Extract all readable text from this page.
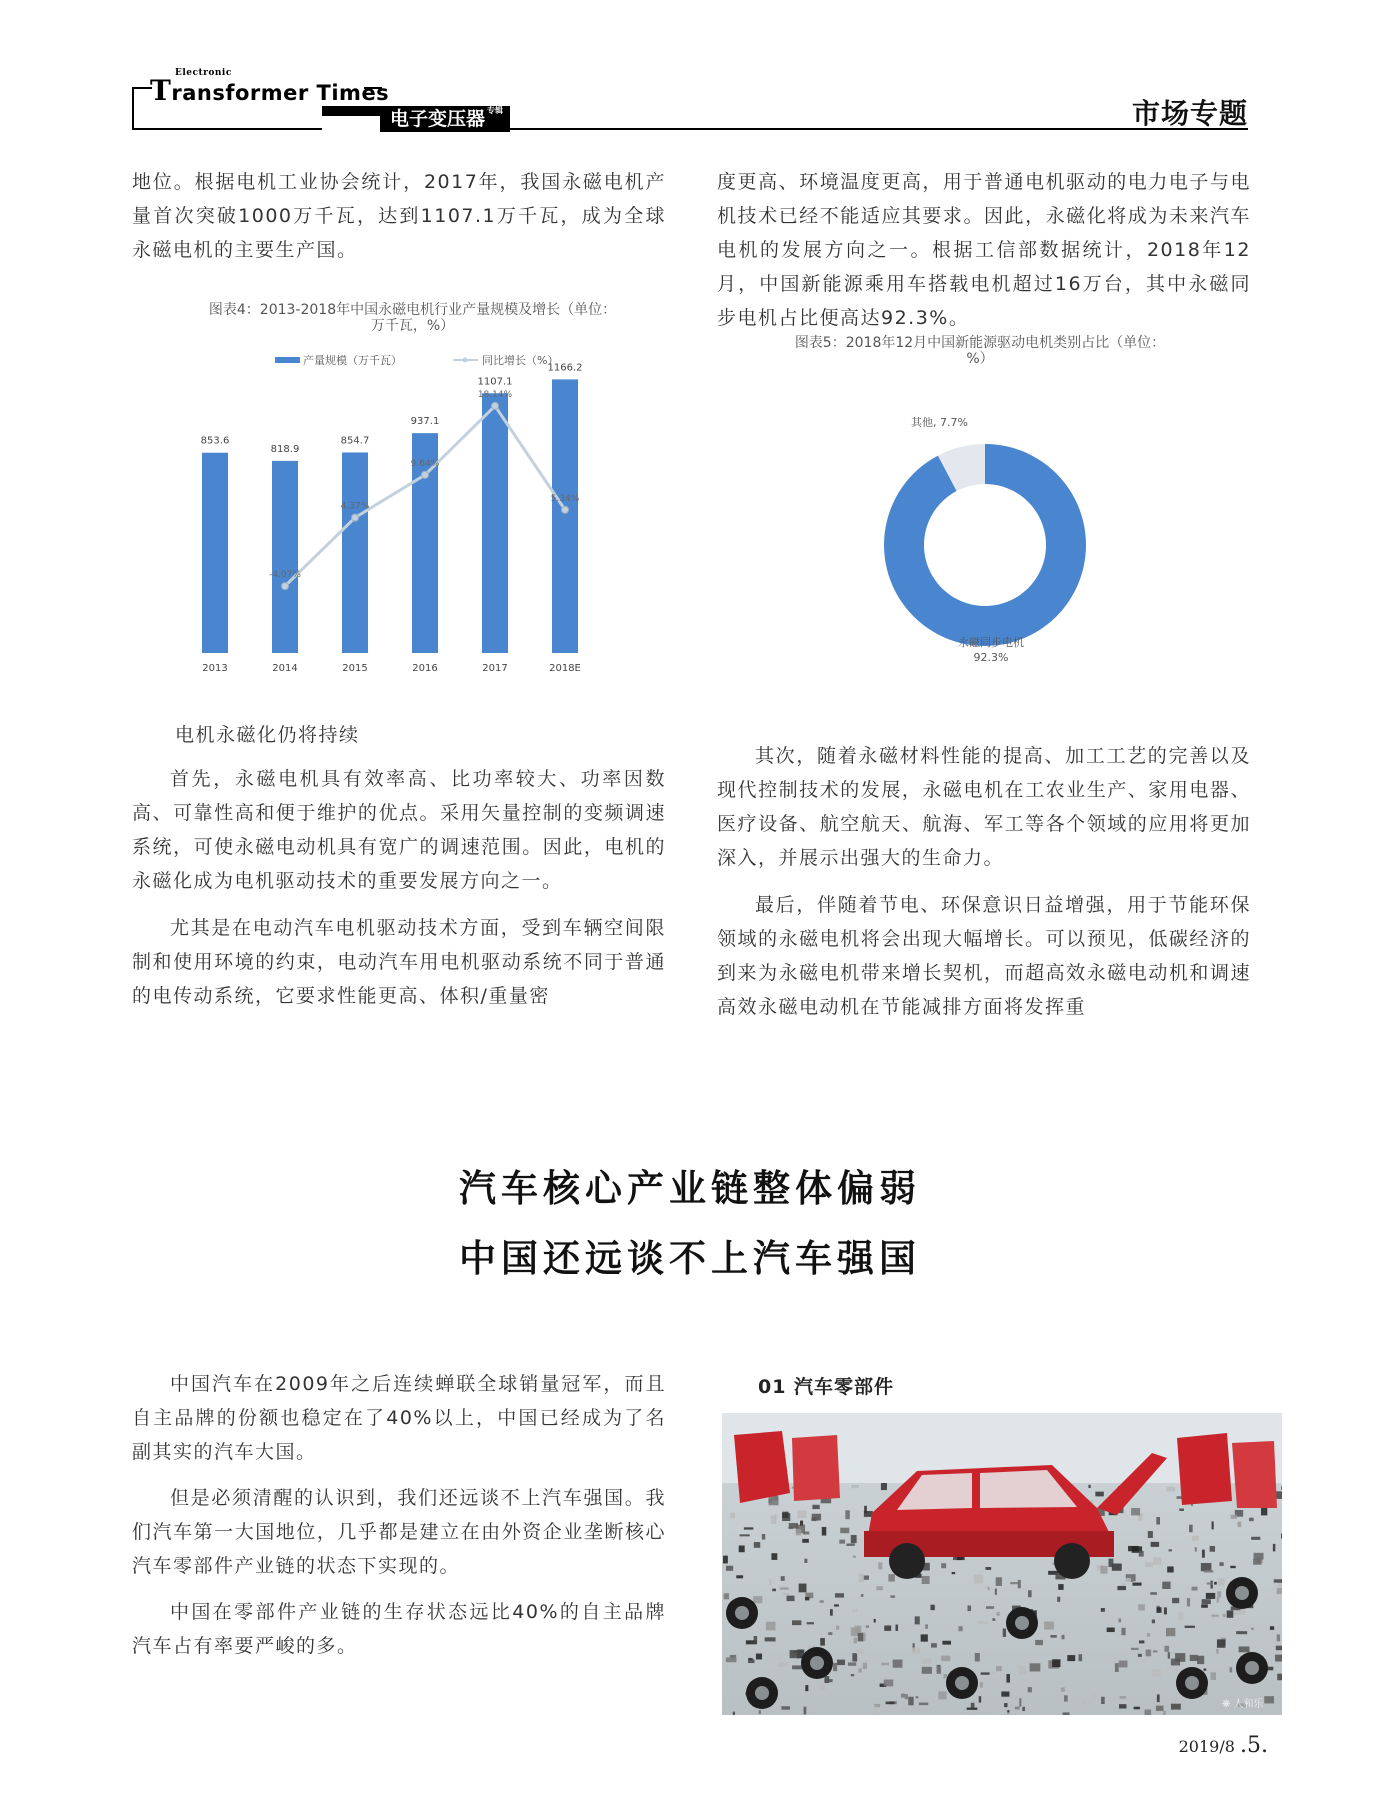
Electronic
Transformer Times
电子变压器 专辑	市场专题

地位。根据电机工业协会统计，2017年，我国永磁电机产量首次突破1000万千瓦，达到1107.1万千瓦，成为全球永磁电机的主要生产国。

度更高、环境温度更高，用于普通电机驱动的电力电子与电机技术已经不能适应其要求。因此，永磁化将成为未来汽车电机的发展方向之一。根据工信部数据统计，2018年12月，中国新能源乘用车搭载电机超过16万台，其中永磁同步电机占比便高达92.3%。

图表4：2013-2018年中国永磁电机行业产量规模及增长（单位：万千瓦，%）
产量规模（万千瓦）	同比增长（%）
853.6
2013
818.9
2014
854.7
2015
937.1
2016
1107.1
2017
1166.2
2018E
-4.07%
4.37%
9.64%
18.14%
5.34%
图表5：2018年12月中国新能源驱动电机类别占比（单位：%）
其他, 7.7%
永磁同步电机
92.3%
电机永磁化仍将持续

首先，永磁电机具有效率高、比功率较大、功率因数高、可靠性高和便于维护的优点。采用矢量控制的变频调速系统，可使永磁电动机具有宽广的调速范围。因此，电机的永磁化成为电机驱动技术的重要发展方向之一。

尤其是在电动汽车电机驱动技术方面，受到车辆空间限制和使用环境的约束，电动汽车用电机驱动系统不同于普通的电传动系统，它要求性能更高、体积/重量密

其次，随着永磁材料性能的提高、加工工艺的完善以及现代控制技术的发展，永磁电机在工农业生产、家用电器、医疗设备、航空航天、航海、军工等各个领域的应用将更加深入，并展示出强大的生命力。

最后，伴随着节电、环保意识日益增强，用于节能环保领域的永磁电机将会出现大幅增长。可以预见，低碳经济的到来为永磁电机带来增长契机，而超高效永磁电动机和调速高效永磁电动机在节能减排方面将发挥重

汽车核心产业链整体偏弱
中国还远谈不上汽车强国

中国汽车在2009年之后连续蝉联全球销量冠军，而且自主品牌的份额也稳定在了40%以上，中国已经成为了名副其实的汽车大国。

但是必须清醒的认识到，我们还远谈不上汽车强国。我们汽车第一大国地位，几乎都是建立在由外资企业垄断核心汽车零部件产业链的状态下实现的。

中国在零部件产业链的生存状态远比40%的自主品牌汽车占有率要严峻的多。

01 汽车零部件
❋ 人和乐
2019/8 .5.
